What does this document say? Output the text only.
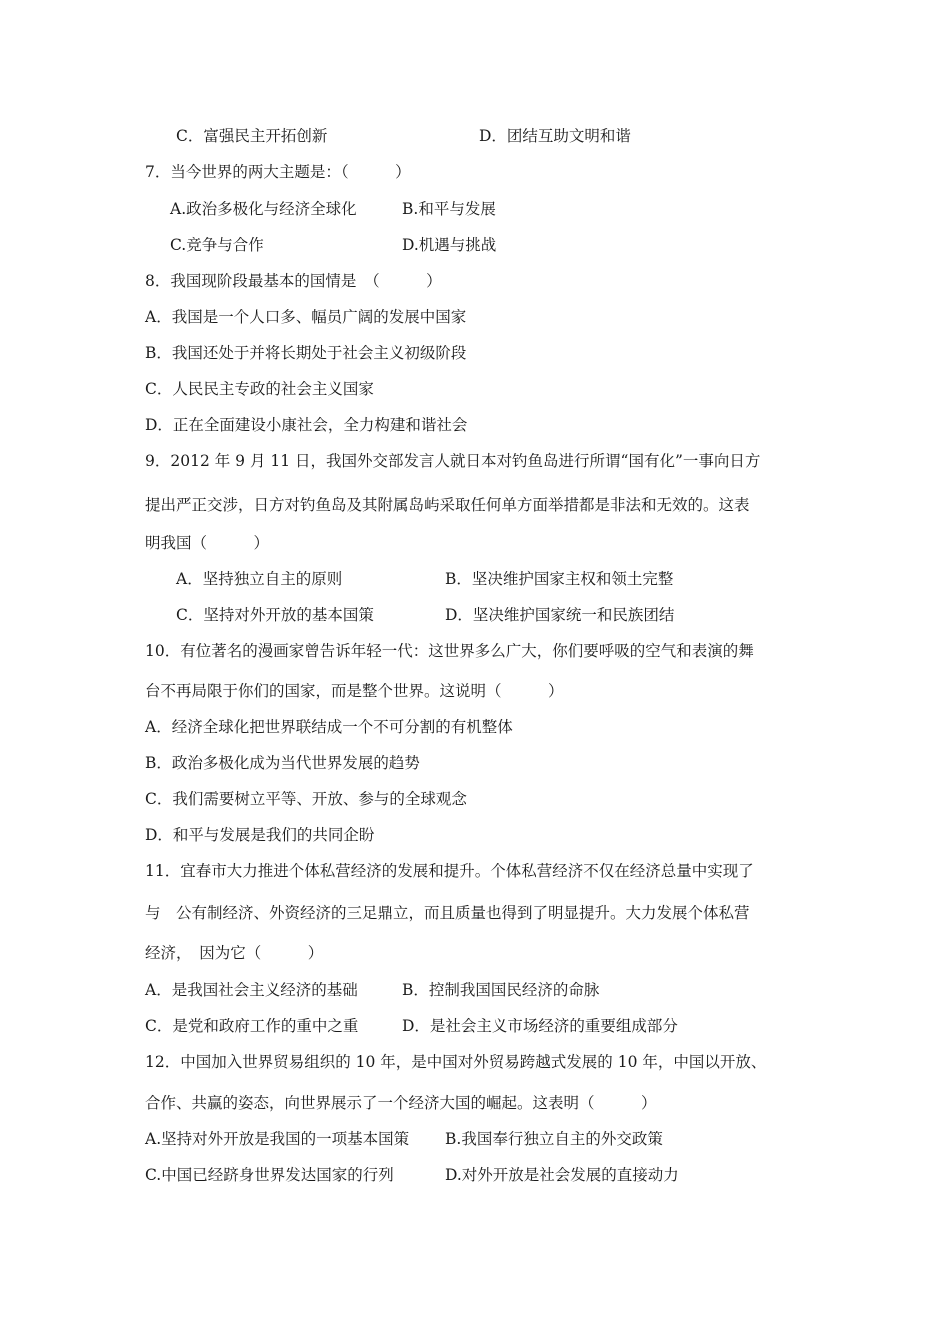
C．富强民主开拓创新	D．团结互助文明和谐
7．当今世界的两大主题是：（　　　）
A.政治多极化与经济全球化	B.和平与发展
C.竞争与合作	D.机遇与挑战
8．我国现阶段最基本的国情是　（　　　）
A．我国是一个人口多、幅员广阔的发展中国家
B．我国还处于并将长期处于社会主义初级阶段
C．人民民主专政的社会主义国家
D．正在全面建设小康社会，全力构建和谐社会
9．2012 年 9 月 11 日，我国外交部发言人就日本对钓鱼岛进行所谓“国有化”一事向日方
提出严正交涉，日方对钓鱼岛及其附属岛屿采取任何单方面举措都是非法和无效的。这表
明我国（　　　）
A．坚持独立自主的原则	B．坚决维护国家主权和领土完整
C．坚持对外开放的基本国策	D．坚决维护国家统一和民族团结
10．有位著名的漫画家曾告诉年轻一代：这世界多么广大，你们要呼吸的空气和表演的舞
台不再局限于你们的国家，而是整个世界。这说明（　　　）
A．经济全球化把世界联结成一个不可分割的有机整体
B．政治多极化成为当代世界发展的趋势
C．我们需要树立平等、开放、参与的全球观念
D．和平与发展是我们的共同企盼
11．宜春市大力推进个体私营经济的发展和提升。个体私营经济不仅在经济总量中实现了
与　公有制经济、外资经济的三足鼎立，而且质量也得到了明显提升。大力发展个体私营
经济，　因为它（　　　）
A．是我国社会主义经济的基础	B．控制我国国民经济的命脉
C．是党和政府工作的重中之重	D．是社会主义市场经济的重要组成部分
12．中国加入世界贸易组织的 10 年，是中国对外贸易跨越式发展的 10 年，中国以开放、
合作、共赢的姿态，向世界展示了一个经济大国的崛起。这表明（　　　）
A.坚持对外开放是我国的一项基本国策 B.我国奉行独立自主的外交政策
C.中国已经跻身世界发达国家的行列	D.对外开放是社会发展的直接动力
